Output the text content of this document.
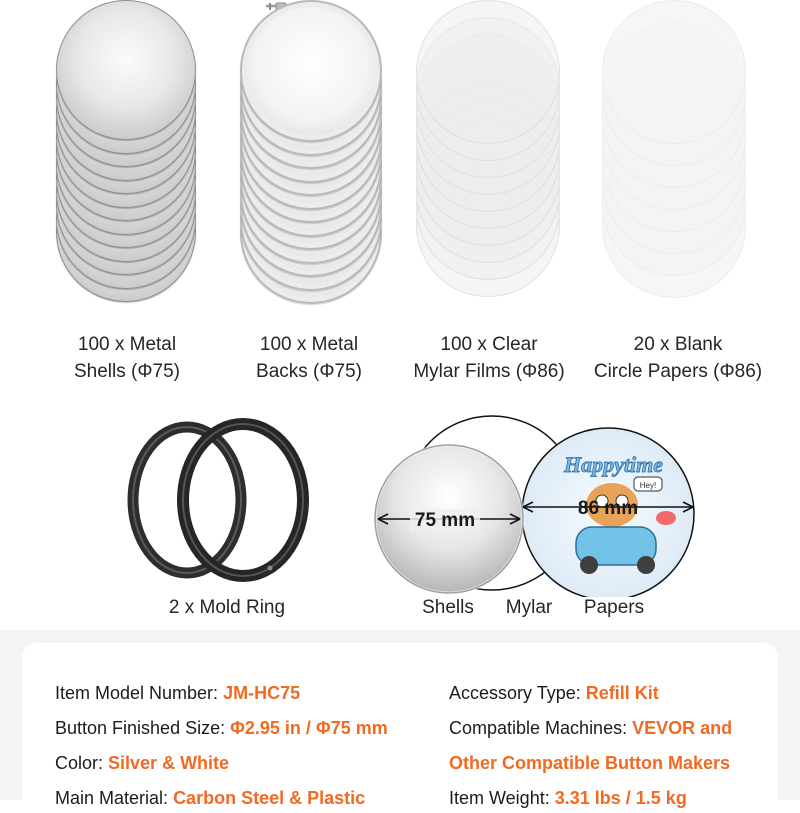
100 x Metal
Shells (Φ75)
100 x Metal
Backs (Φ75)
100 x Clear
Mylar Films (Φ86)
20 x Blank
Circle Papers (Φ86)
2 x Mold Ring
Happytime
Hey!
75 mm
86 mm
Shells	Mylar	Papers
Item Model Number: JM-HC75
Button Finished Size: Φ2.95 in / Φ75 mm
Color: Silver & White
Main Material: Carbon Steel & Plastic
Accessory Type: Refill Kit
Compatible Machines: VEVOR and
Other Compatible Button Makers
Item Weight: 3.31 lbs / 1.5 kg
